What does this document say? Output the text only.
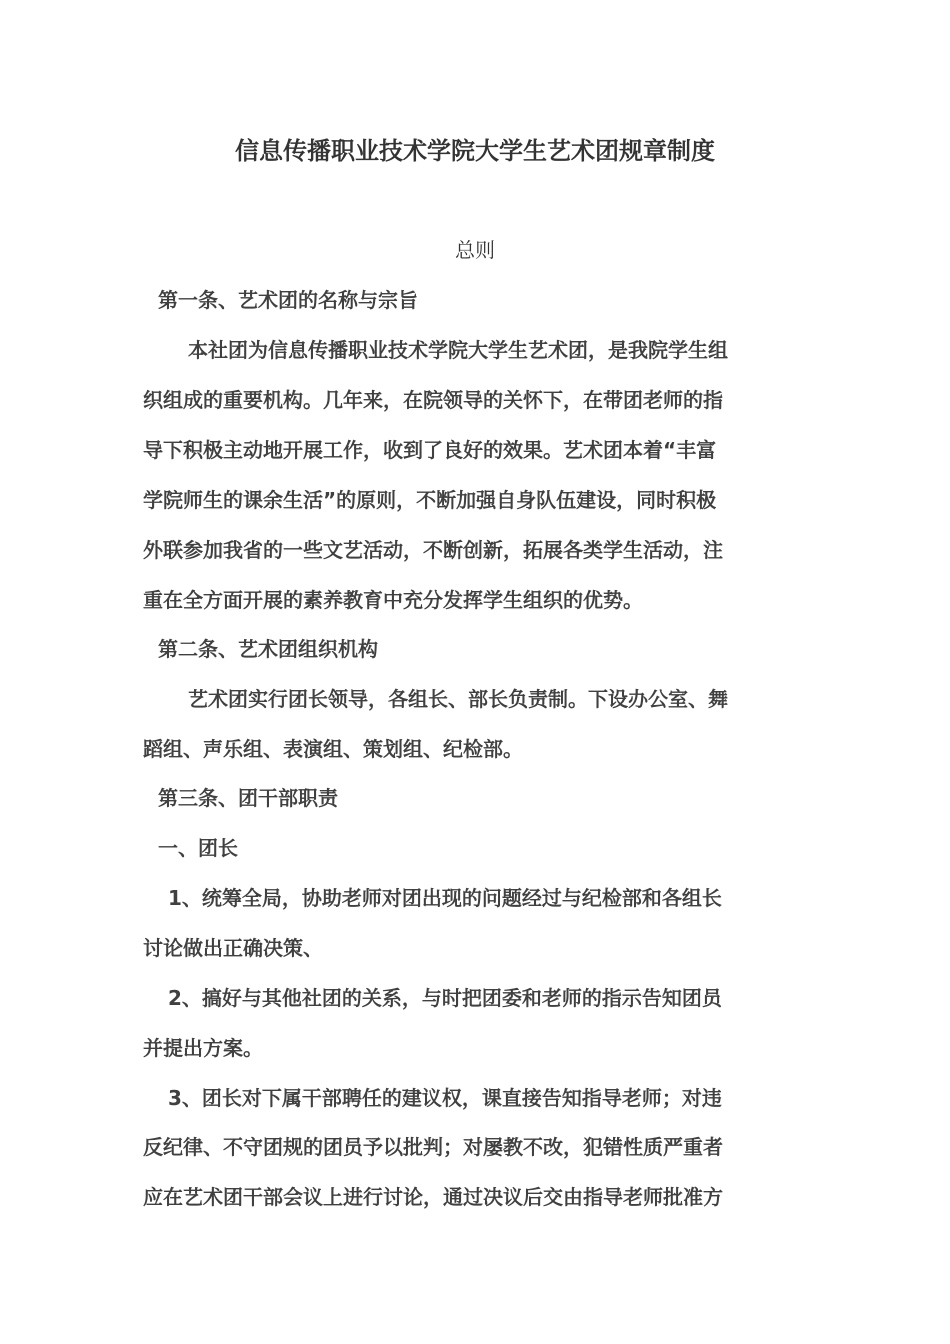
信息传播职业技术学院大学生艺术团规章制度
总则
第一条、艺术团的名称与宗旨
本社团为信息传播职业技术学院大学生艺术团，是我院学生组
织组成的重要机构。几年来，在院领导的关怀下，在带团老师的指
导下积极主动地开展工作，收到了良好的效果。艺术团本着“丰富
学院师生的课余生活”的原则，不断加强自身队伍建设，同时积极
外联参加我省的一些文艺活动，不断创新，拓展各类学生活动，注
重在全方面开展的素养教育中充分发挥学生组织的优势。
第二条、艺术团组织机构
艺术团实行团长领导，各组长、部长负责制。下设办公室、舞
蹈组、声乐组、表演组、策划组、纪检部。
第三条、团干部职责
一、团长
1、统筹全局，协助老师对团出现的问题经过与纪检部和各组长
讨论做出正确决策、
2、搞好与其他社团的关系，与时把团委和老师的指示告知团员
并提出方案。
3、团长对下属干部聘任的建议权，课直接告知指导老师；对违
反纪律、不守团规的团员予以批判；对屡教不改，犯错性质严重者
应在艺术团干部会议上进行讨论，通过决议后交由指导老师批准方
